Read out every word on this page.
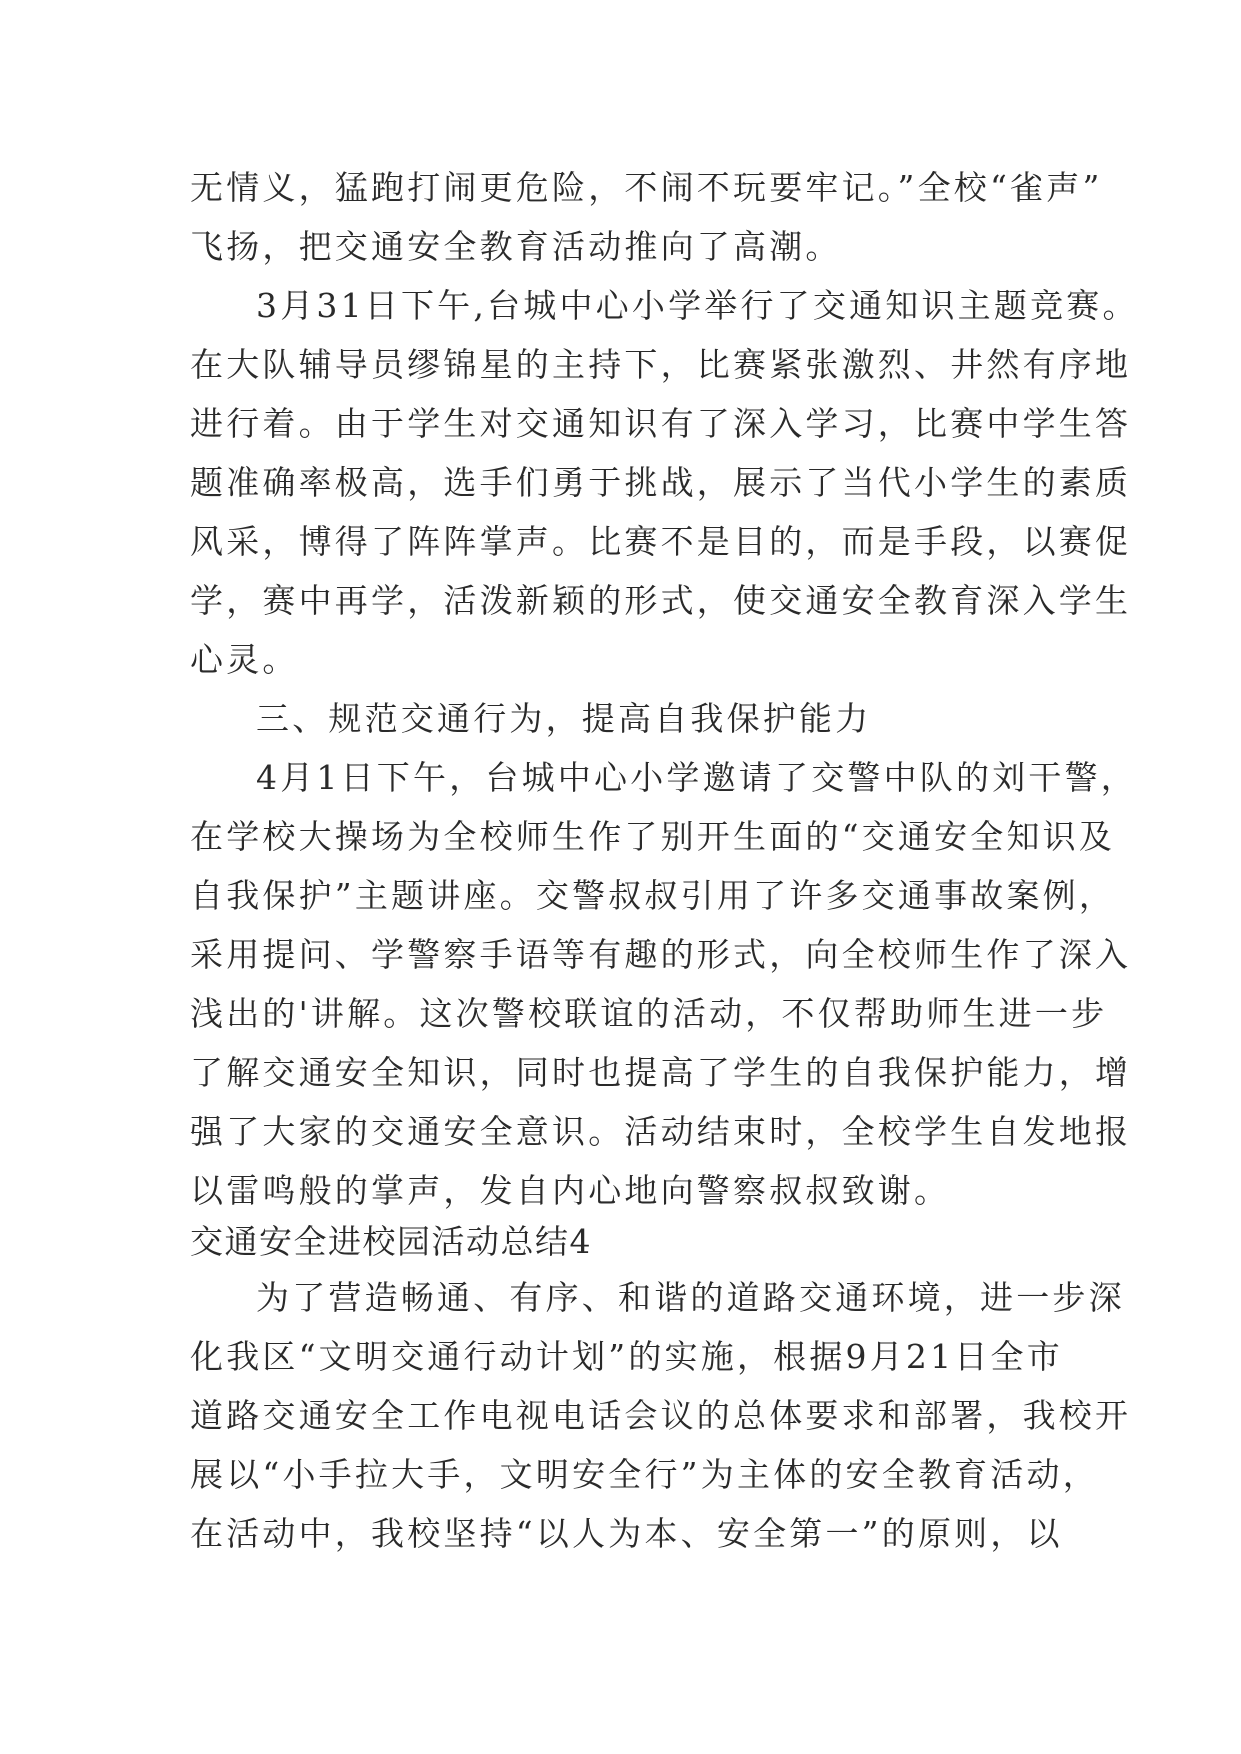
无情义，猛跑打闹更危险，不闹不玩要牢记。”全校“雀声”

飞扬，把交通安全教育活动推向了高潮。

3月31日下午,台城中心小学举行了交通知识主题竞赛。

在大队辅导员缪锦星的主持下，比赛紧张激烈、井然有序地

进行着。由于学生对交通知识有了深入学习，比赛中学生答

题准确率极高，选手们勇于挑战，展示了当代小学生的素质

风采，博得了阵阵掌声。比赛不是目的，而是手段，以赛促

学，赛中再学，活泼新颖的形式，使交通安全教育深入学生

心灵。

三、规范交通行为，提高自我保护能力

4月1日下午，台城中心小学邀请了交警中队的刘干警，

在学校大操场为全校师生作了别开生面的“交通安全知识及

自我保护”主题讲座。交警叔叔引用了许多交通事故案例，

采用提问、学警察手语等有趣的形式，向全校师生作了深入

浅出的'讲解。这次警校联谊的活动，不仅帮助师生进一步

了解交通安全知识，同时也提高了学生的自我保护能力，增

强了大家的交通安全意识。活动结束时，全校学生自发地报

以雷鸣般的掌声，发自内心地向警察叔叔致谢。

交通安全进校园活动总结4

为了营造畅通、有序、和谐的道路交通环境，进一步深

化我区“文明交通行动计划”的实施，根据9月21日全市

道路交通安全工作电视电话会议的总体要求和部署，我校开

展以“小手拉大手，文明安全行”为主体的安全教育活动，

在活动中，我校坚持“以人为本、安全第一”的原则，以
